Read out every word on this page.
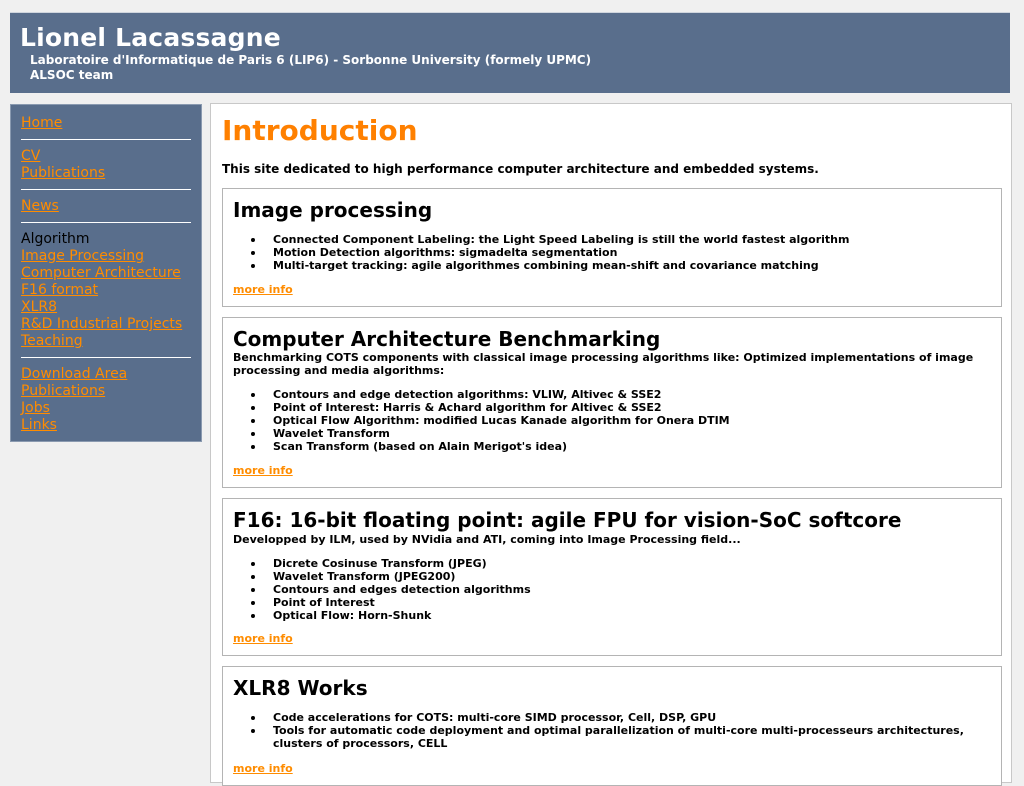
Lionel Lacassagne
Laboratoire d'Informatique de Paris 6 (LIP6) - Sorbonne University (formely UPMC)
ALSOC team
Home
CV
Publications
News
Algorithm
Image Processing
Computer Architecture
F16 format
XLR8
R&D Industrial Projects
Teaching
Download Area
Publications
Jobs
Links
Introduction
This site dedicated to high performance computer architecture and embedded systems.
Image processing
Connected Component Labeling: the Light Speed Labeling is still the world fastest algorithm
Motion Detection algorithms: sigmadelta segmentation
Multi-target tracking: agile algorithmes combining mean-shift and covariance matching
more info
Computer Architecture Benchmarking
Benchmarking COTS components with classical image processing algorithms like: Optimized implementations of image processing and media algorithms:
Contours and edge detection algorithms: VLIW, Altivec & SSE2
Point of Interest: Harris & Achard algorithm for Altivec & SSE2
Optical Flow Algorithm: modified Lucas Kanade algorithm for Onera DTIM
Wavelet Transform
Scan Transform (based on Alain Merigot's idea)
more info
F16: 16-bit floating point: agile FPU for vision-SoC softcore
Developped by ILM, used by NVidia and ATI, coming into Image Processing field...
Dicrete Cosinuse Transform (JPEG)
Wavelet Transform (JPEG200)
Contours and edges detection algorithms
Point of Interest
Optical Flow: Horn-Shunk
more info
XLR8 Works
Code accelerations for COTS: multi-core SIMD processor, Cell, DSP, GPU
Tools for automatic code deployment and optimal parallelization of multi-core multi-processeurs architectures, clusters of processors, CELL
more info
